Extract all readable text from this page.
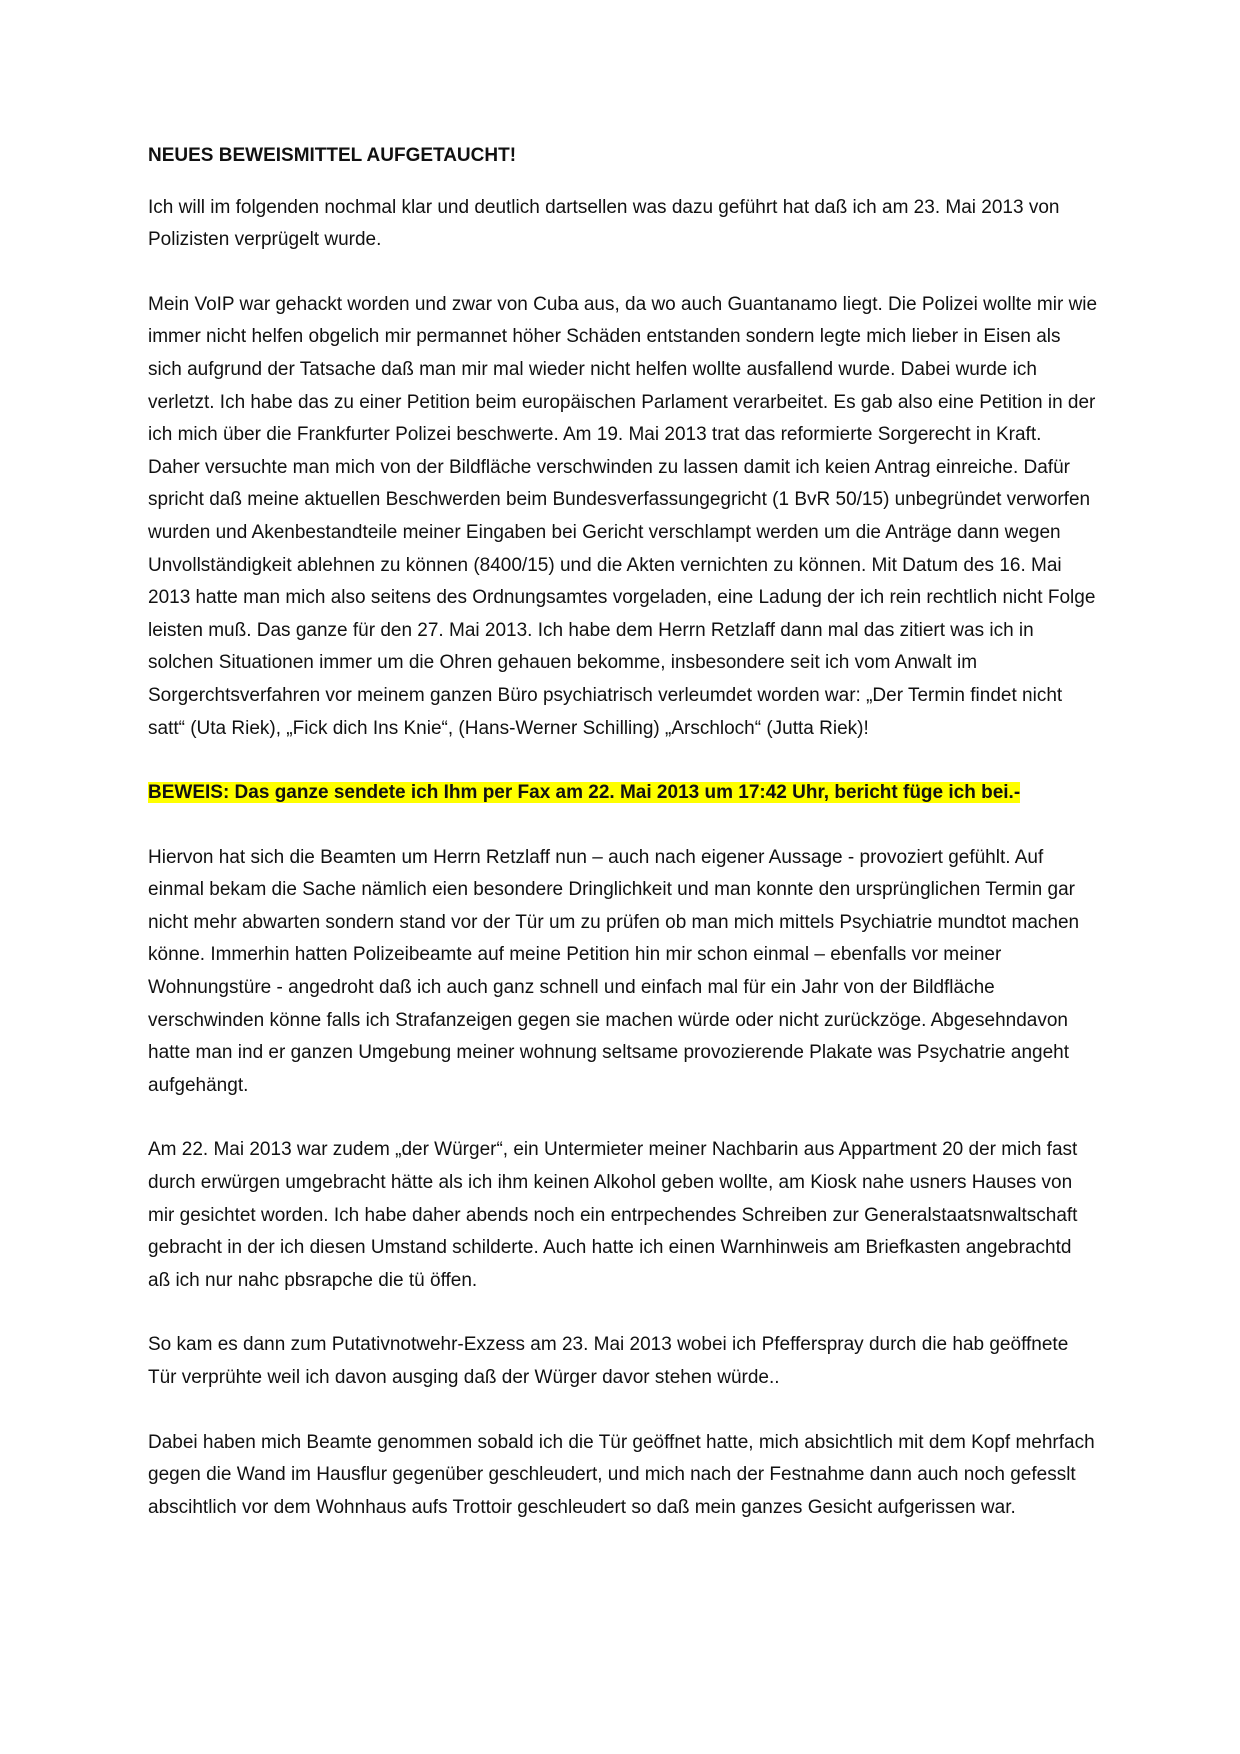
NEUES BEWEISMITTEL AUFGETAUCHT!

Ich will im folgenden nochmal klar und deutlich dartsellen was dazu geführt hat daß ich am 23. Mai 2013 von Polizisten verprügelt wurde.

Mein VoIP war gehackt worden und zwar von Cuba aus, da wo auch Guantanamo liegt. Die Polizei wollte mir wie immer nicht helfen obgelich mir permannet höher Schäden entstanden sondern legte mich lieber in Eisen als sich aufgrund der Tatsache daß man mir mal wieder nicht helfen wollte ausfallend wurde. Dabei wurde ich verletzt. Ich habe das zu einer Petition beim europäischen Parlament verarbeitet. Es gab also eine Petition in der ich mich über die Frankfurter Polizei beschwerte. Am 19. Mai 2013 trat das reformierte Sorgerecht in Kraft. Daher versuchte man mich von der Bildfläche verschwinden zu lassen damit ich keien Antrag einreiche. Dafür spricht daß meine aktuellen Beschwerden beim Bundesverfassungegricht (1 BvR 50/15) unbegründet verworfen wurden und Akenbestandteile meiner Eingaben bei Gericht verschlampt werden um die Anträge dann wegen Unvollständigkeit ablehnen zu können (8400/15) und die Akten vernichten zu können. Mit Datum des 16. Mai 2013 hatte man mich also seitens des Ordnungsamtes vorgeladen, eine Ladung der ich rein rechtlich nicht Folge leisten muß. Das ganze für den 27. Mai 2013. Ich habe dem Herrn Retzlaff dann mal das zitiert was ich in solchen Situationen immer um die Ohren gehauen bekomme, insbesondere seit ich vom Anwalt im Sorgerchtsverfahren vor meinem ganzen Büro psychiatrisch verleumdet worden war: „Der Termin findet nicht satt“ (Uta Riek), „Fick dich Ins Knie“, (Hans-Werner Schilling) „Arschloch“ (Jutta Riek)!

BEWEIS: Das ganze sendete ich Ihm per Fax am 22. Mai 2013 um 17:42 Uhr, bericht füge ich bei.-

Hiervon hat sich die Beamten um Herrn Retzlaff nun – auch nach eigener Aussage - provoziert gefühlt. Auf einmal bekam die Sache nämlich eien besondere Dringlichkeit und man konnte den ursprünglichen Termin gar nicht mehr abwarten sondern stand vor der Tür um zu prüfen ob man mich mittels Psychiatrie mundtot machen könne. Immerhin hatten Polizeibeamte auf meine Petition hin mir schon einmal – ebenfalls vor meiner Wohnungstüre - angedroht daß ich auch ganz schnell und einfach mal für ein Jahr von der Bildfläche verschwinden könne falls ich Strafanzeigen gegen sie machen würde oder nicht zurückzöge. Abgesehndavon hatte man ind er ganzen Umgebung meiner wohnung seltsame provozierende Plakate was Psychatrie angeht aufgehängt.

Am 22. Mai 2013 war zudem „der Würger“, ein Untermieter meiner Nachbarin aus Appartment 20 der mich fast durch erwürgen umgebracht hätte als ich ihm keinen Alkohol geben wollte, am Kiosk nahe usners Hauses von mir gesichtet worden. Ich habe daher abends noch ein entrpechendes Schreiben zur Generalstaatsnwaltschaft gebracht in der ich diesen Umstand schilderte. Auch hatte ich einen Warnhinweis am Briefkasten angebrachtd aß ich nur nahc pbsrapche die tü öffen.

So kam es dann zum Putativnotwehr-Exzess am 23. Mai 2013 wobei ich Pfefferspray durch die hab geöffnete Tür verprühte weil ich davon ausging daß der Würger davor stehen würde..

Dabei haben mich Beamte genommen sobald ich die Tür geöffnet hatte, mich absichtlich mit dem Kopf mehrfach gegen die Wand im Hausflur gegenüber geschleudert, und mich nach der Festnahme dann auch noch gefesslt abscihtlich vor dem Wohnhaus aufs Trottoir geschleudert so daß mein ganzes Gesicht aufgerissen war.
